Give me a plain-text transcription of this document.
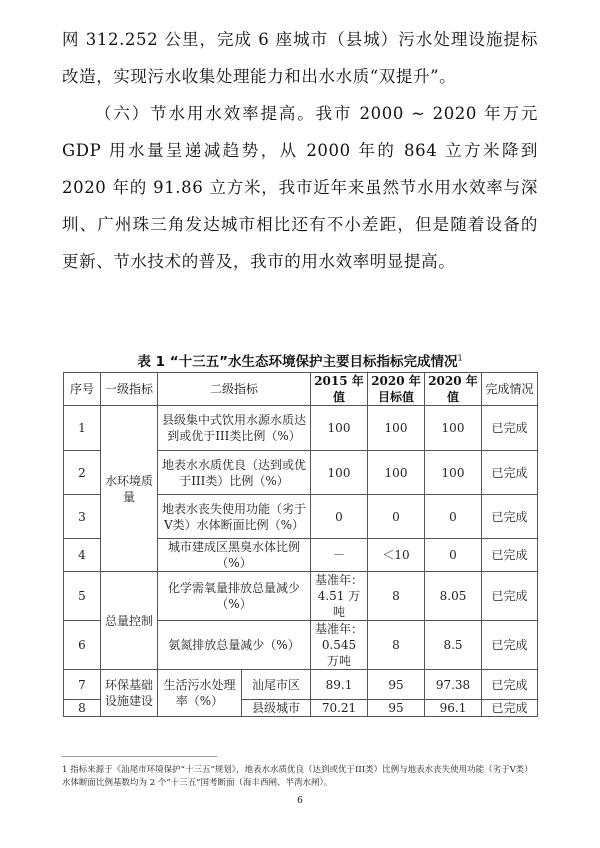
网 312.252 公里，完成 6 座城市（县城）污水处理设施提标改造，实现污水收集处理能力和出水水质“双提升”。
（六）节水用水效率提高。我市 2000 ~ 2020 年万元 GDP 用水量呈递减趋势，从 2000 年的 864 立方米降到 2020 年的 91.86 立方米，我市近年来虽然节水用水效率与深圳、广州珠三角发达城市相比还有不小差距，但是随着设备的更新、节水技术的普及，我市的用水效率明显提高。
表 1 “十三五”水生态环境保护主要目标指标完成情况$^1$
序号	一级指标	二级指标		2015 年值	2020 年目标值	2020 年值	完成情况
1	水环境质量	县级集中式饮用水源水质达到或优于III类比例（%）		100	100	100	已完成
2		地表水水质优良（达到或优于III类）比例（%）		100	100	100	已完成
3		地表水丧失使用功能（劣于V类）水体断面比例（%）		0	0	0	已完成
4		城市建成区黑臭水体比例（%）		－	＜10	0	已完成
5	总量控制	化学需氧量排放总量减少（%）		基准年：4.51 万吨	8	8.05	已完成
6		氨氮排放总量减少（%）		基准年：0.545 万吨	8	8.5	已完成
7	环保基础设施建设	生活污水处理率（%）	汕尾市区	89.1	95	97.38	已完成
8			县级城市	70.21	95	96.1	已完成
1 指标来源于《汕尾市环境保护“十三五”规划》，地表水水质优良（达到或优于III类）比例与地表水丧失使用功能（劣于V类）水体断面比例基数均为 2 个“十三五”国考断面（海丰西闸、半湾水闸）。
6
